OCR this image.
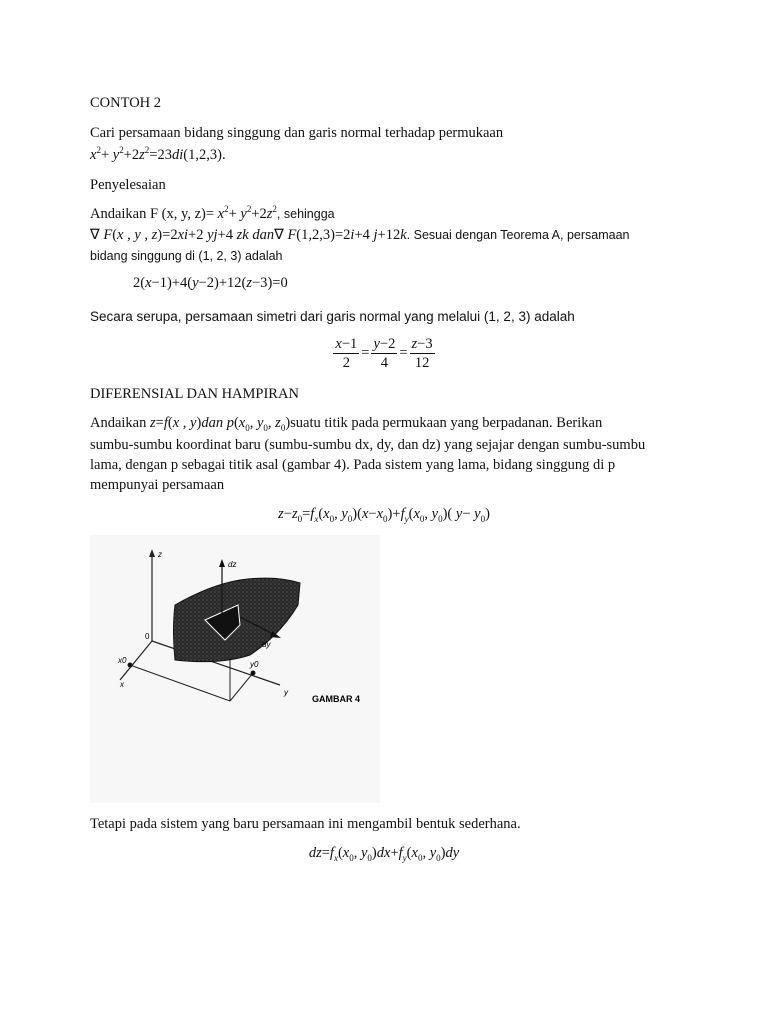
CONTOH 2
Cari persamaan bidang singgung dan garis normal terhadap permukaan
$x^2+ y^2+2z^2=23di(1,2,3)$.
Penyelesaian
Andaikan F (x, y, $z)= x^2+ y^2+2z^2$, sehingga
∇ F(x , y , z)=2xi+2 yj+4 zk dan∇ F(1,2,3)=2i+4 j+12k. Sesuai dengan Teorema A, persamaan
bidang singgung di (1, 2, 3) adalah
2(x−1)+4(y−2)+12(z−3)=0
Secara serupa, persamaan simetri dari garis normal yang melalui (1, 2, 3) adalah
$\frac{x-1}{2} = \frac{y-2}{4} = \frac{z-3}{12}$
DIFERENSIAL DAN HAMPIRAN
Andaikan z=f(x , y)dan $p(x_0$, $y_0$, $z_0)suatu$ titik pada permukaan yang berpadanan. Berikan
sumbu-sumbu koordinat baru (sumbu-sumbu dx, dy, dan dz) yang sejajar dengan sumbu-sumbu
lama, dengan p sebagai titik asal (gambar 4). Pada sistem yang lama, bidang singgung di p
mempunyai persamaan
$z-z_0=f_x(x_0$, $y_0)(x-x_0)+f_y(x_0$, $y_0$)( $y- y_0$)
z
dz
dy
0
x0
x
y0
y
GAMBAR 4
Tetapi pada sistem yang baru persamaan ini mengambil bentuk sederhana.
$dz=f_x(x_0$, $y_0)dx+f_y(x_0$, $y_0)dy$
